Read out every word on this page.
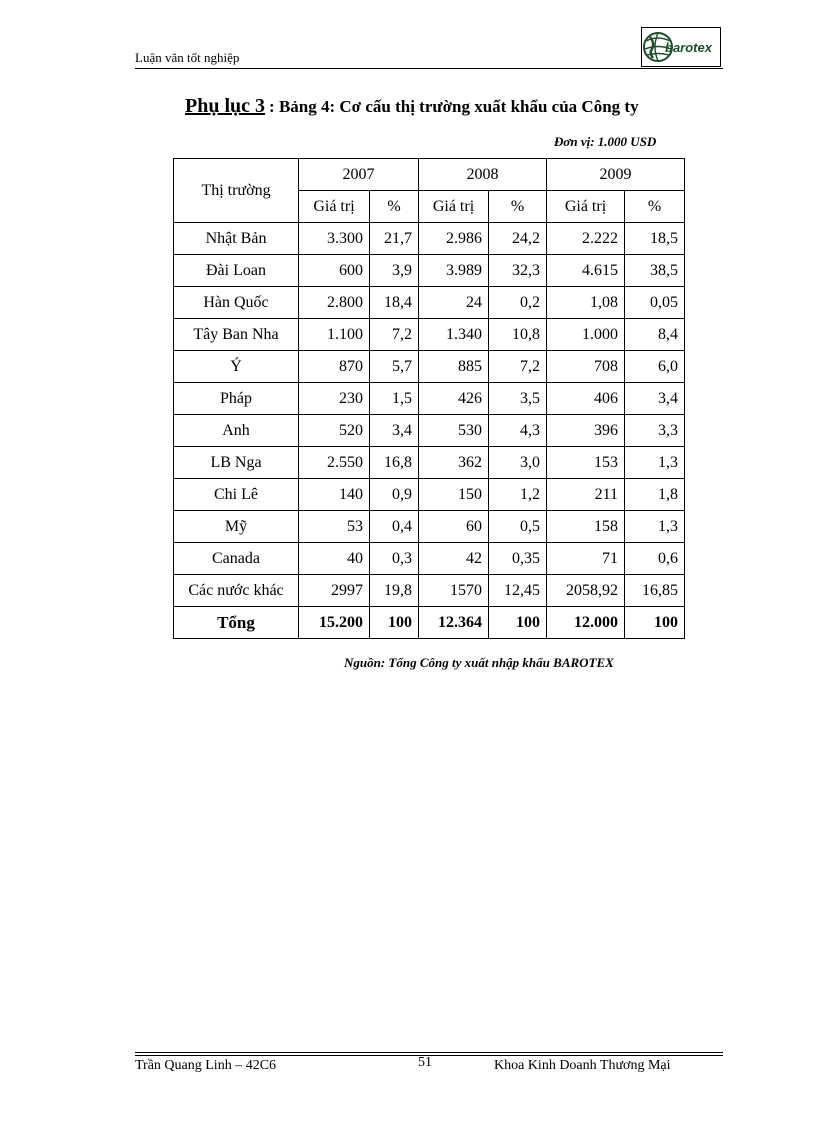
Luận văn tốt nghiệp
barotex
Phụ lục 3 : Bảng 4: Cơ cấu thị trường xuất khẩu của Công ty
Đơn vị: 1.000 USD
Thị trường	2007		2008		2009	
	Giá trị	%	Giá trị	%	Giá trị	%
Nhật Bản	3.300	21,7	2.986	24,2	2.222	18,5
Đài Loan	600	3,9	3.989	32,3	4.615	38,5
Hàn Quốc	2.800	18,4	24	0,2	1,08	0,05
Tây Ban Nha	1.100	7,2	1.340	10,8	1.000	8,4
Ý	870	5,7	885	7,2	708	6,0
Pháp	230	1,5	426	3,5	406	3,4
Anh	520	3,4	530	4,3	396	3,3
LB Nga	2.550	16,8	362	3,0	153	1,3
Chi Lê	140	0,9	150	1,2	211	1,8
Mỹ	53	0,4	60	0,5	158	1,3
Canada	40	0,3	42	0,35	71	0,6
Các nước khác	2997	19,8	1570	12,45	2058,92	16,85
Tổng	15.200	100	12.364	100	12.000	100
Nguồn: Tổng Công ty xuất nhập khẩu BAROTEX
Trần Quang Linh – 42C6	51	Khoa Kinh Doanh Thương Mại
